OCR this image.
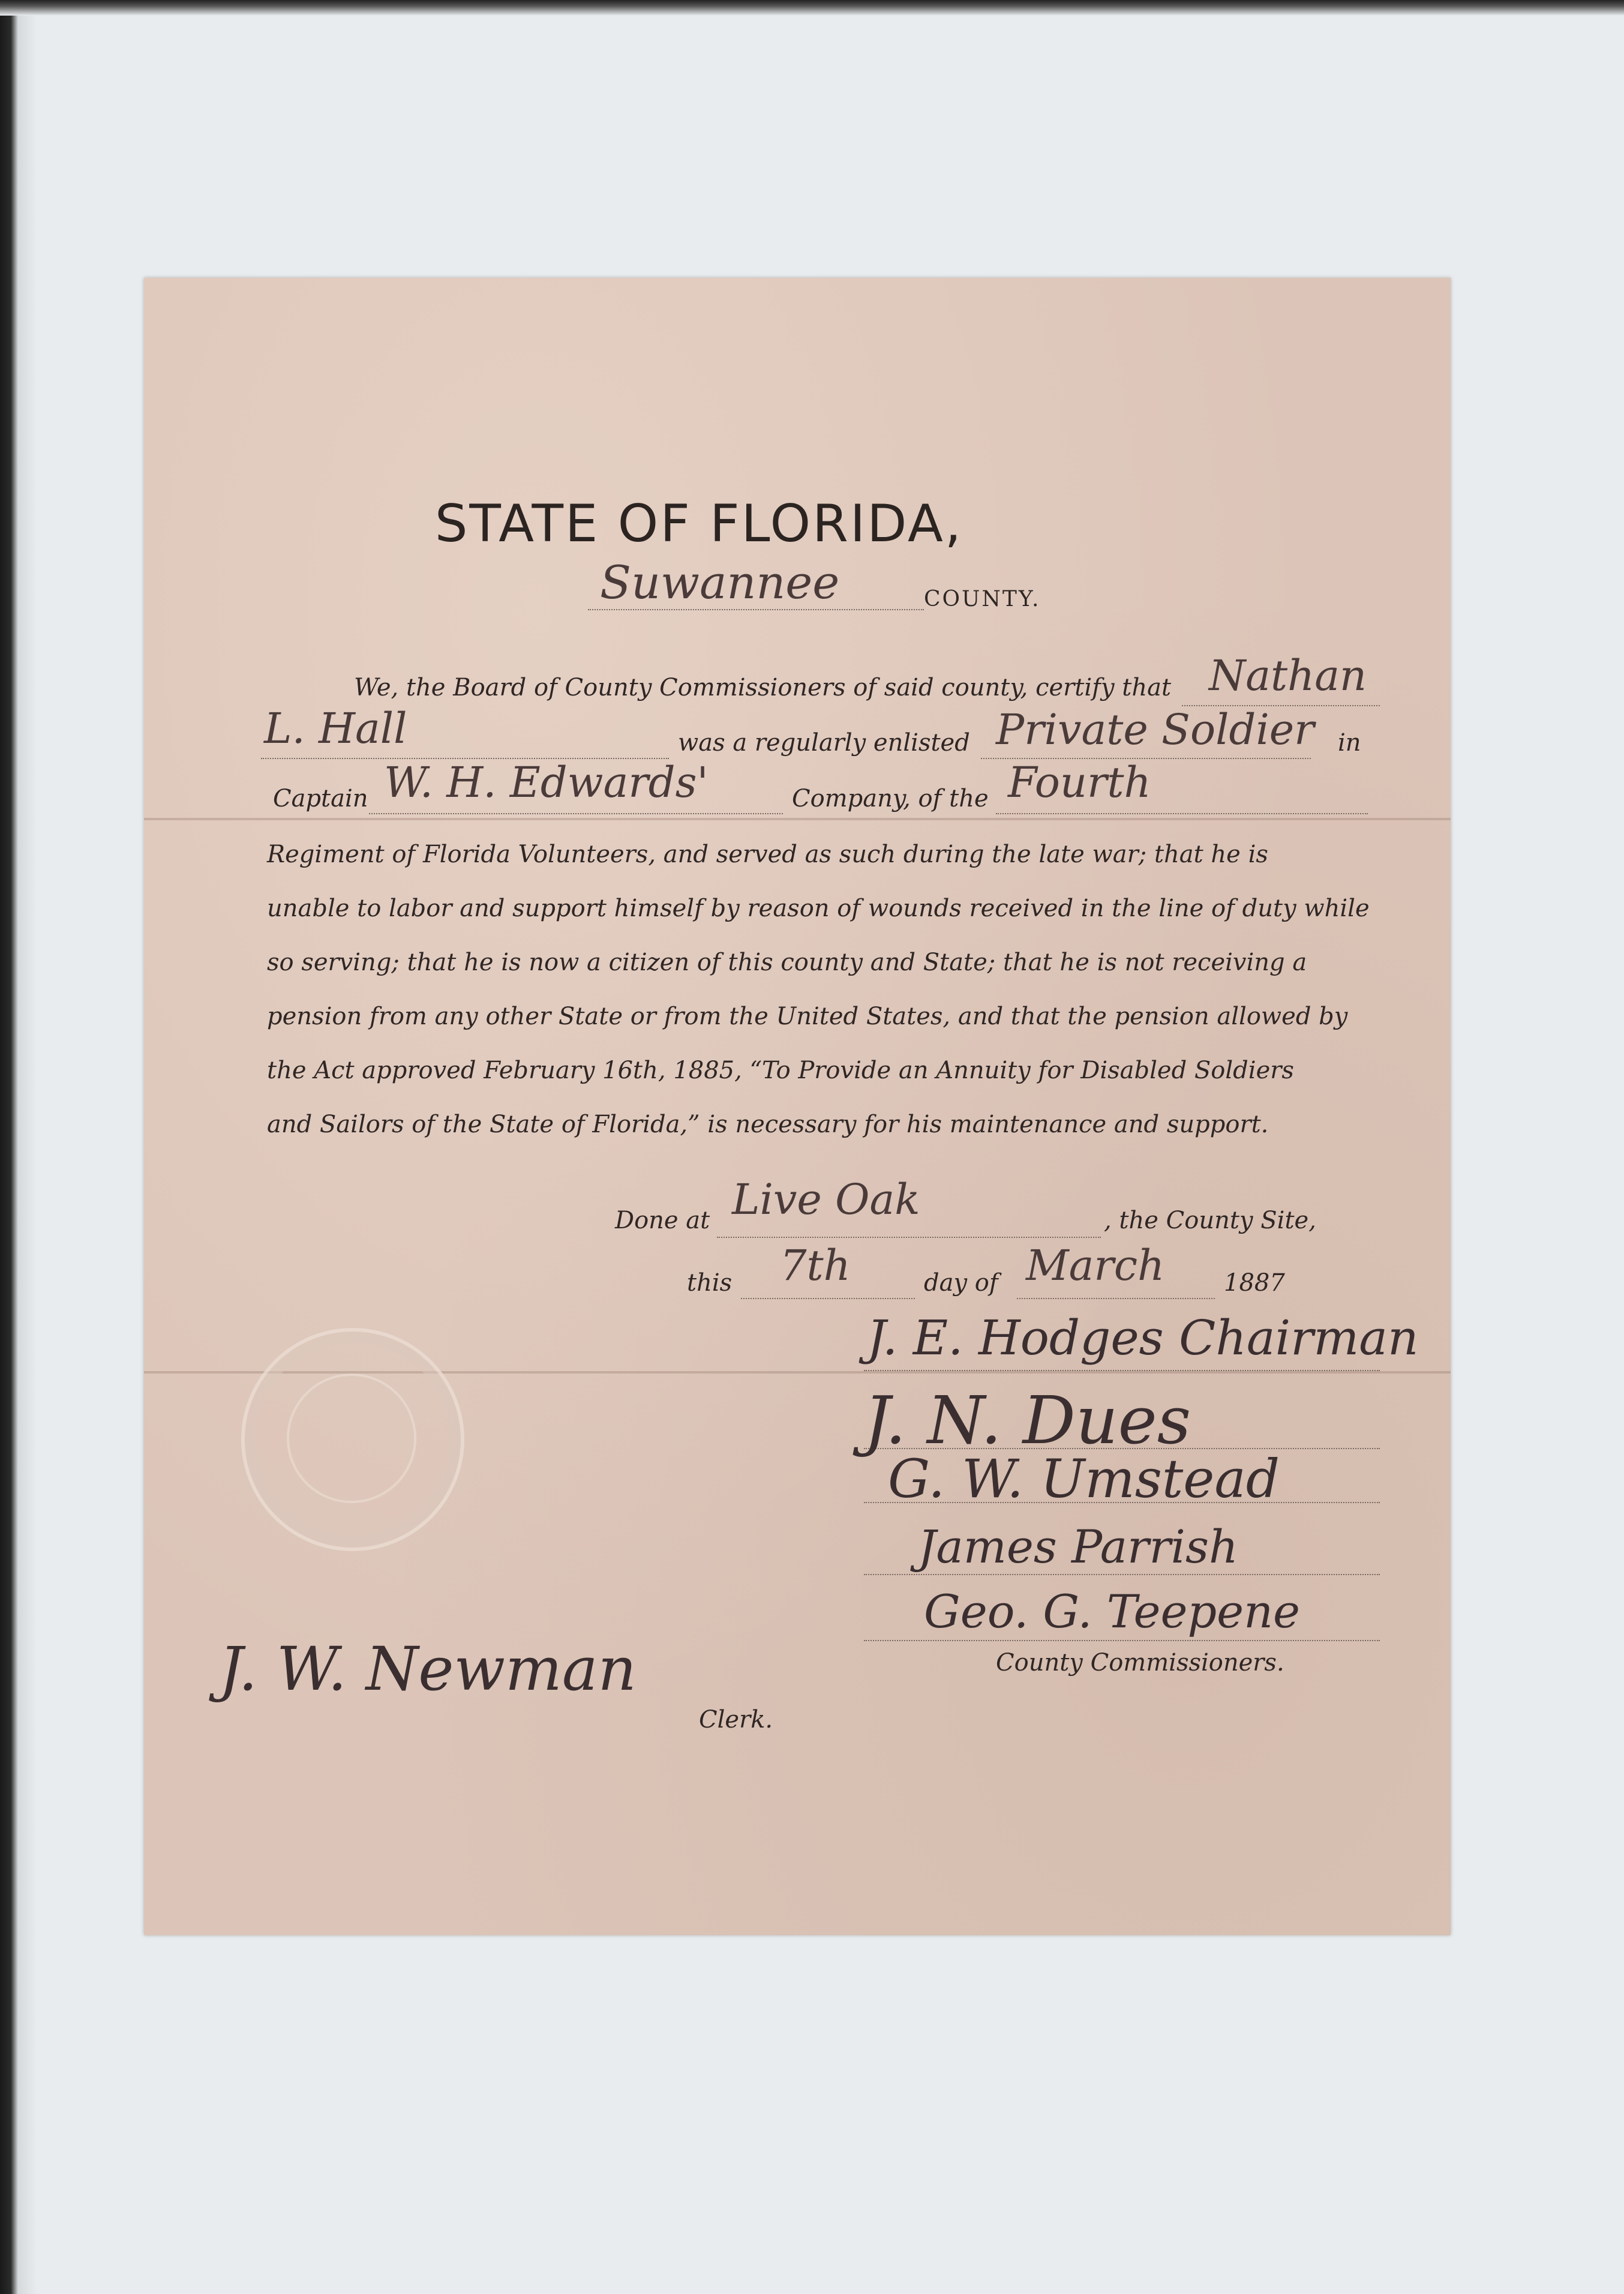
STATE OF FLORIDA,
Suwannee	COUNTY.
We, the Board of County Commissioners of said county, certify that Nathan
L. Hall	was a regularly enlisted Private Soldier in
Captain W. H. Edwards'	Company, of the Fourth
Regiment of Florida Volunteers, and served as such during the late war; that he is
unable to labor and support himself by reason of wounds received in the line of duty while
so serving; that he is now a citizen of this county and State; that he is not receiving a
pension from any other State or from the United States, and that the pension allowed by
the Act approved February 16th, 1885, “To Provide an Annuity for Disabled Soldiers
and Sailors of the State of Florida,” is necessary for his maintenance and support.
Done at Live Oak	, the County Site,
this 7th	day of March 1887
J. E. Hodges Chairman
J. N. Dues
G. W. Umstead
James Parrish
Geo. G. Teepene
County Commissioners.
J. W. Newman
Clerk.
